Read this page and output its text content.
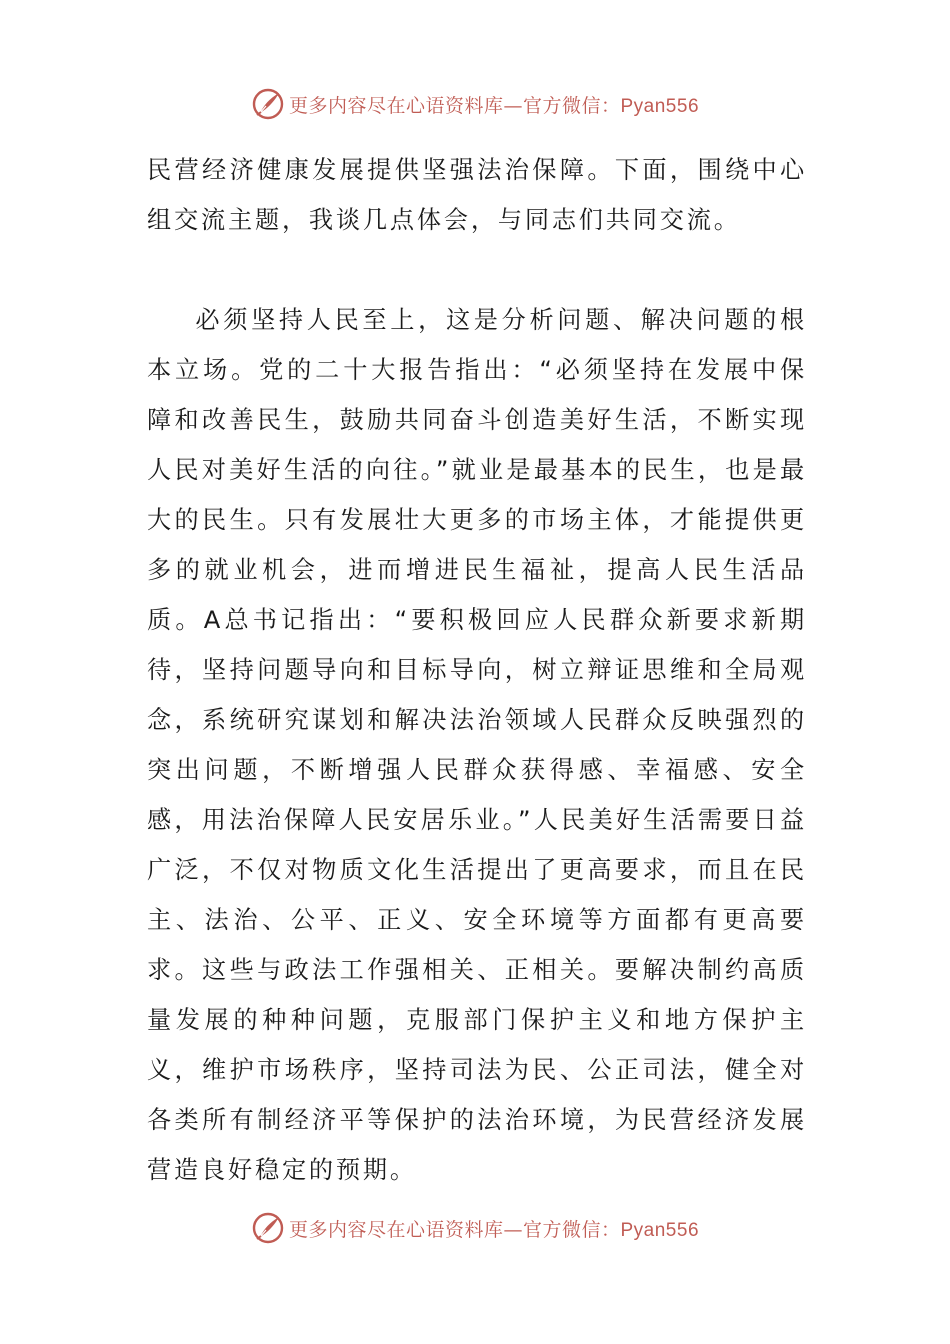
更多内容尽在心语资料库—官方微信：Pyan556

民营经济健康发展提供坚强法治保障。下面，围绕中心组交流主题，我谈几点体会，与同志们共同交流。

必须坚持人民至上，这是分析问题、解决问题的根本立场。党的二十大报告指出：“必须坚持在发展中保障和改善民生，鼓励共同奋斗创造美好生活，不断实现人民对美好生活的向往。”就业是最基本的民生，也是最大的民生。只有发展壮大更多的市场主体，才能提供更多的就业机会，进而增进民生福祉，提高人民生活品质。A总书记指出：“要积极回应人民群众新要求新期待，坚持问题导向和目标导向，树立辩证思维和全局观念，系统研究谋划和解决法治领域人民群众反映强烈的突出问题，不断增强人民群众获得感、幸福感、安全感，用法治保障人民安居乐业。”人民美好生活需要日益广泛，不仅对物质文化生活提出了更高要求，而且在民主、法治、公平、正义、安全环境等方面都有更高要求。这些与政法工作强相关、正相关。要解决制约高质量发展的种种问题，克服部门保护主义和地方保护主义，维护市场秩序，坚持司法为民、公正司法，健全对各类所有制经济平等保护的法治环境，为民营经济发展营造良好稳定的预期。

更多内容尽在心语资料库—官方微信：Pyan556
